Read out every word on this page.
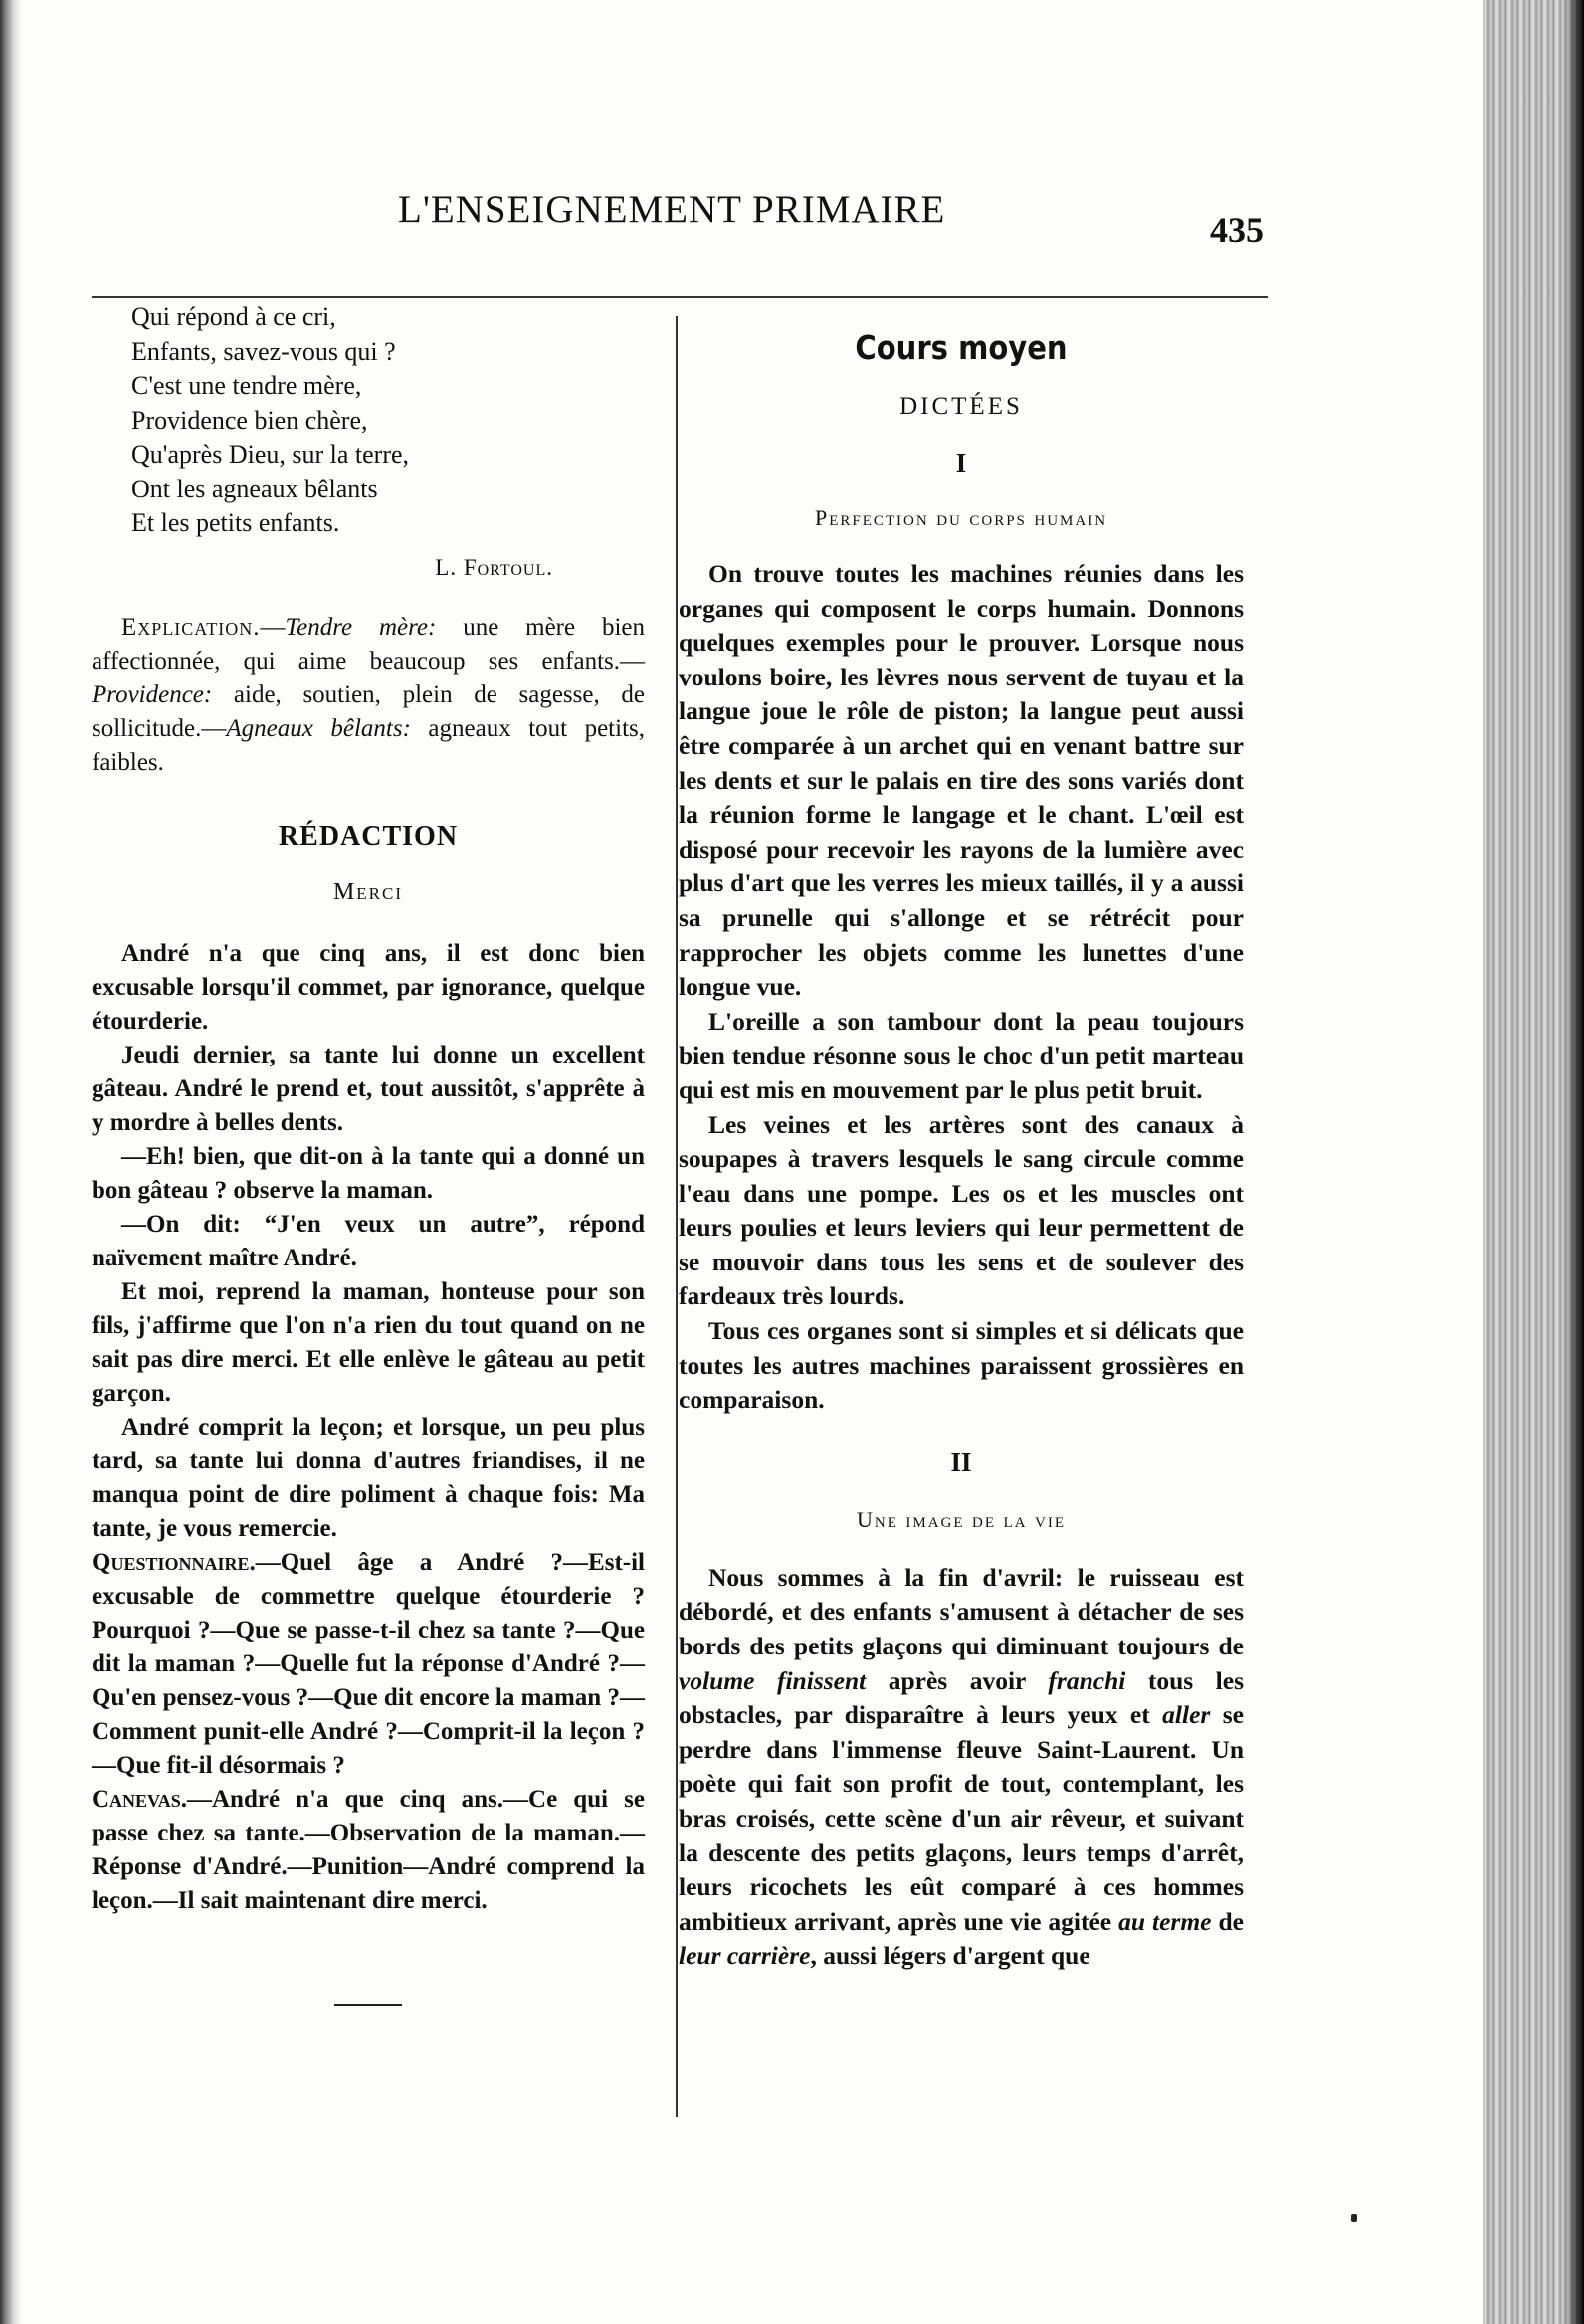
L'ENSEIGNEMENT PRIMAIRE	435
Qui répond à ce cri,
Enfants, savez-vous qui ?
C'est une tendre mère,
Providence bien chère,
Qu'après Dieu, sur la terre,
Ont les agneaux bêlants
Et les petits enfants.
L. Fortoul.

Explication.—Tendre mère: une mère bien affectionnée, qui aime beaucoup ses enfants.—Providence: aide, soutien, plein de sagesse, de sollicitude.—Agneaux bêlants: agneaux tout petits, faibles.

RÉDACTION
Merci

André n'a que cinq ans, il est donc bien excusable lorsqu'il commet, par ignorance, quelque étourderie.

Jeudi dernier, sa tante lui donne un excellent gâteau. André le prend et, tout aussitôt, s'apprête à y mordre à belles dents.

—Eh! bien, que dit-on à la tante qui a donné un bon gâteau ? observe la maman.

—On dit: “J'en veux un autre”, répond naïvement maître André.

Et moi, reprend la maman, honteuse pour son fils, j'affirme que l'on n'a rien du tout quand on ne sait pas dire merci. Et elle enlève le gâteau au petit garçon.

André comprit la leçon; et lorsque, un peu plus tard, sa tante lui donna d'autres friandises, il ne manqua point de dire poliment à chaque fois: Ma tante, je vous remercie.

Questionnaire.—Quel âge a André ?—Est-il excusable de commettre quelque étourderie ? Pourquoi ?—Que se passe-t-il chez sa tante ?—Que dit la maman ?—Quelle fut la réponse d'André ?—Qu'en pensez-vous ?—Que dit encore la maman ?—Comment punit-elle André ?—Comprit-il la leçon ?—Que fit-il désormais ?

Canevas.—André n'a que cinq ans.—Ce qui se passe chez sa tante.—Observation de la maman.—Réponse d'André.—Punition—André comprend la leçon.—Il sait maintenant dire merci.

Cours moyen
DICTÉES
I
Perfection du corps humain

On trouve toutes les machines réunies dans les organes qui composent le corps humain. Donnons quelques exemples pour le prouver. Lorsque nous voulons boire, les lèvres nous servent de tuyau et la langue joue le rôle de piston; la langue peut aussi être comparée à un archet qui en venant battre sur les dents et sur le palais en tire des sons variés dont la réunion forme le langage et le chant. L'œil est disposé pour recevoir les rayons de la lumière avec plus d'art que les verres les mieux taillés, il y a aussi sa prunelle qui s'allonge et se rétrécit pour rapprocher les objets comme les lunettes d'une longue vue.

L'oreille a son tambour dont la peau toujours bien tendue résonne sous le choc d'un petit marteau qui est mis en mouvement par le plus petit bruit.

Les veines et les artères sont des canaux à soupapes à travers lesquels le sang circule comme l'eau dans une pompe. Les os et les muscles ont leurs poulies et leurs leviers qui leur permettent de se mouvoir dans tous les sens et de soulever des fardeaux très lourds.

Tous ces organes sont si simples et si délicats que toutes les autres machines paraissent grossières en comparaison.

II
Une image de la vie

Nous sommes à la fin d'avril: le ruisseau est débordé, et des enfants s'amusent à détacher de ses bords des petits glaçons qui diminuant toujours de volume finissent après avoir franchi tous les obstacles, par disparaître à leurs yeux et aller se perdre dans l'immense fleuve Saint-Laurent. Un poète qui fait son profit de tout, contemplant, les bras croisés, cette scène d'un air rêveur, et suivant la descente des petits glaçons, leurs temps d'arrêt, leurs ricochets les eût comparé à ces hommes ambitieux arrivant, après une vie agitée au terme de leur carrière, aussi légers d'argent que
